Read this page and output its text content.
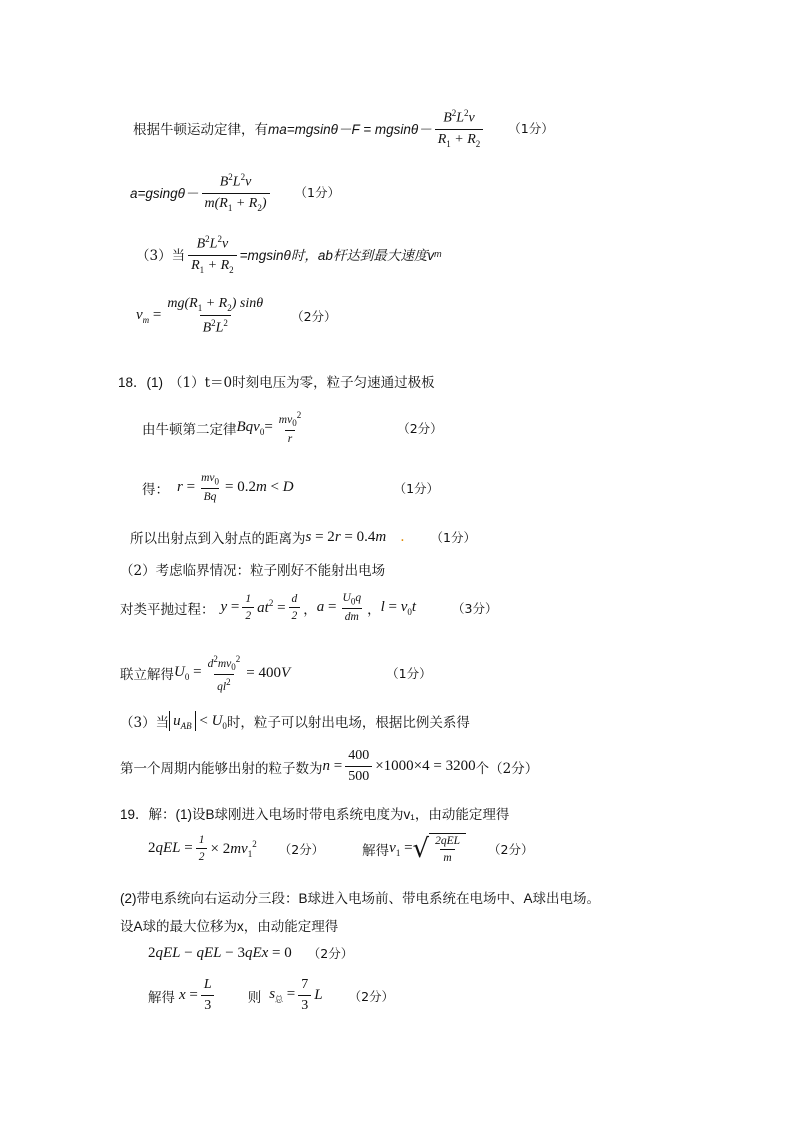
根据牛顿运动定律，有 $ma=mgsin\theta-F = mgsin\theta- \frac{B^2L^2v}{R_1 + R_2} (1$分）
$a=gsing\theta- \frac{B^2L^2v}{m(R_1 + R_2)} (1$分）
（3）当 $\frac{B^2L^2v}{R_1 + R_2} =mgsin\theta$时，ab杆达到最大速度v m
$v_m = \frac{mg(R_1 + R_2) \sin\theta}{B^2L^2} (2$分）
18．(1) （1）t＝0时刻电压为零，粒子匀速通过极板
由牛顿第二定律 $Bqv_0= \frac{mv_0^2}{r}$	（2分）
得： $r = \frac{mv_0}{Bq} = 0.2m < D$	（1分）
所以出射点到入射点的距离为 s = 2r = 0.4m . （1分）
（2）考虑临界情况：粒子刚好不能射出电场
对类平抛过程： $y = \frac{1}{2} at^2 = \frac{d}{2}$ ， $a = \frac{U_0q}{dm}$ ， $l = v_0t$	（3分）
联立解得 $U_0 = \frac{d^2mv_0^2}{ql^2} = 400V$	（1分）
（3）当 $u_{AB} < U_0$ 时，粒子可以射出电场，根据比例关系得
第一个周期内能够出射的粒子数为 $n = \frac{400}{500} \times 1000\times 4 = 3200$ 个（2分）
19．解：(1)设B球刚进入电场时带电系统电度为v₁，由动能定理得
$2qEL = \frac{1}{2} \times 2mv_1^2$ （2分）	解得 $v_1$ = √ $\frac{\text{2qEL}}{m} (2$分）
(2)带电系统向右运动分三段：B球进入电场前、带电系统在电场中、A球出电场。
设A球的最大位移为x，由动能定理得
2qEL − qEL − 3qEx = 0 （2分）
解得 $x = \frac{L}{3}$ 则 $s_总 = \frac{7}{3}$ L （2分）
